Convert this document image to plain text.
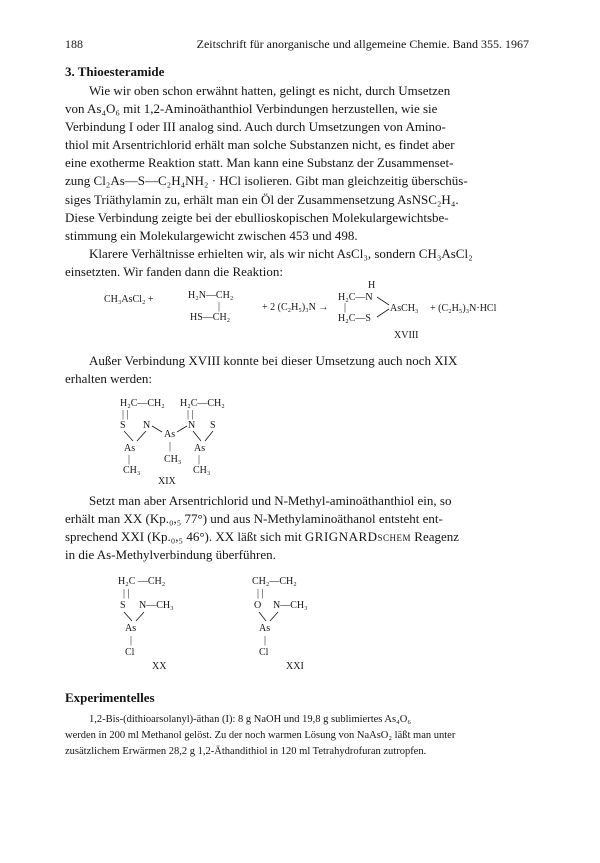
188	Zeitschrift für anorganische und allgemeine Chemie. Band 355. 1967
3. Thioesteramide
Wie wir oben schon erwähnt hatten, gelingt es nicht, durch Umsetzen
von As₄O₆ mit 1,2-Aminoäthanthiol Verbindungen herzustellen, wie sie
Verbindung I oder III analog sind. Auch durch Umsetzungen von Amino-
thiol mit Arsentrichlorid erhält man solche Substanzen nicht, es findet aber
eine exotherme Reaktion statt. Man kann eine Substanz der Zusammenset-
zung Cl₂As—S—C₂H₄NH₂ · HCl isolieren. Gibt man gleichzeitig überschüs-
siges Triäthylamin zu, erhält man ein Öl der Zusammensetzung AsNSC₂H₄.
Diese Verbindung zeigte bei der ebullioskopischen Molekulargewichtsbe-
stimmung ein Molekulargewicht zwischen 453 und 498.
Klarere Verhältnisse erhielten wir, als wir nicht AsCl₃, sondern CH₃AsCl₂
einsetzten. Wir fanden dann die Reaktion:
CH₃AsCl₂ +	H₂N—CH₂
|
HS—CH₂
+ 2 (C₂H₅)₃N →
H
H₂C—N
|
H₂C—S
AsCH₃ + (C₂H₅)₃N·HCl
XVIII
Außer Verbindung XVIII konnte bei dieser Umsetzung auch noch XIX
erhalten werden:
H₂C—CH₂ H₂C—CH₂
| |	| |
S N
As
N S
As	| As
|	CH₃ |
CH₃	CH₃
XIX
Setzt man aber Arsentrichlorid und N-Methyl-aminoäthanthiol ein, so
erhält man XX (Kp.₀,₅ 77°) und aus N-Methylaminoäthanol entsteht ent-
sprechend XXI (Kp.₀,₅ 46°). XX läßt sich mit GRIGNARDschem Reagenz
in die As-Methylverbindung überführen.
H₂C —CH₂
| |
S N—CH₃
As
|
Cl
XX
CH₂—CH₂
| |
O N—CH₃
As
|
Cl
XXI
Experimentelles
1,2-Bis-(dithioarsolanyl)-äthan (I): 8 g NaOH und 19,8 g sublimiertes As₄O₆
werden in 200 ml Methanol gelöst. Zu der noch warmen Lösung von NaAsO₂ läßt man unter
zusätzlichem Erwärmen 28,2 g 1,2-Äthandithiol in 120 ml Tetrahydrofuran zutropfen.
